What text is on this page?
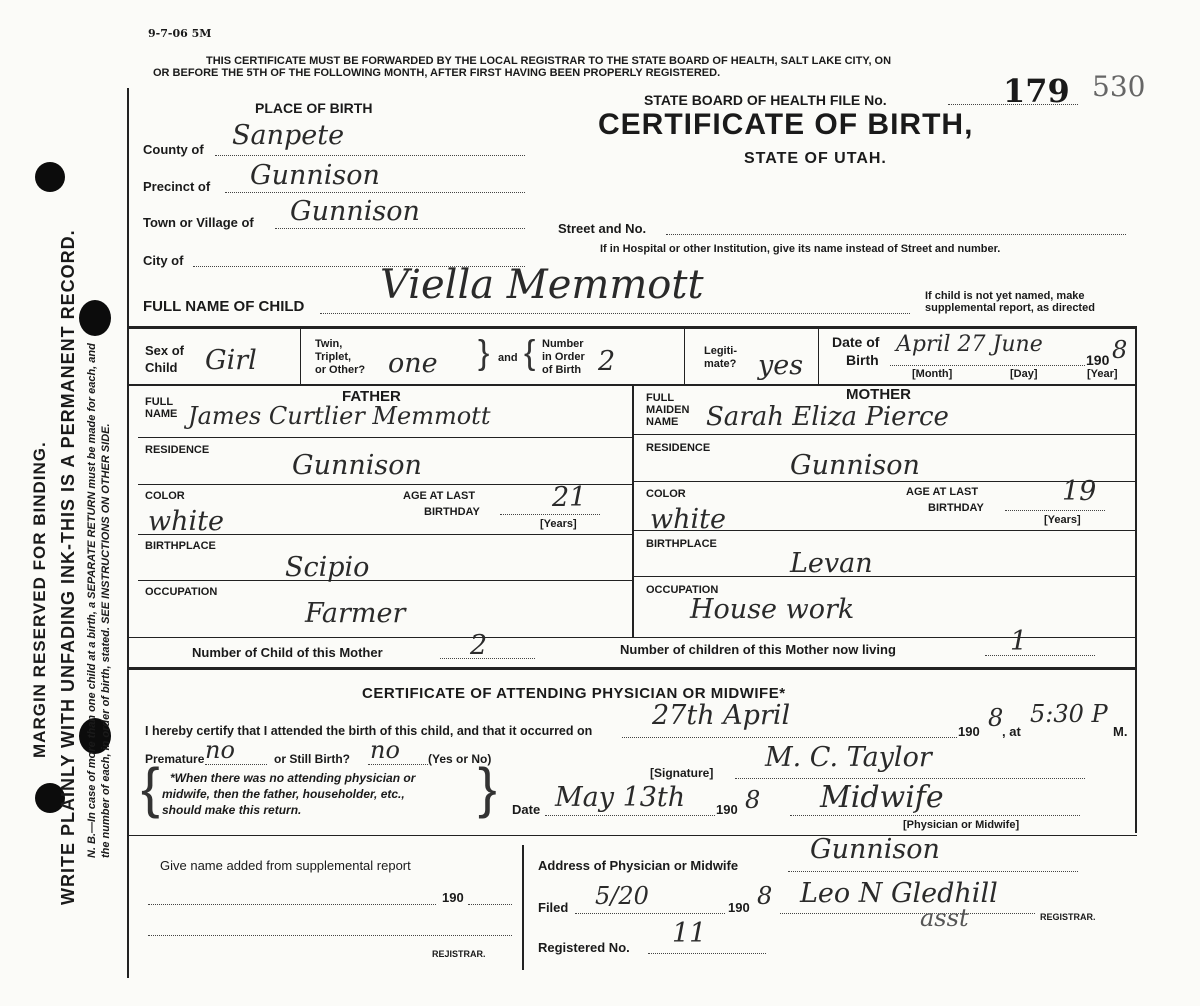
9-7-06 5M
THIS CERTIFICATE MUST BE FORWARDED BY THE LOCAL REGISTRAR TO THE STATE BOARD OF HEALTH, SALT LAKE CITY, ON
OR BEFORE THE 5TH OF THE FOLLOWING MONTH, AFTER FIRST HAVING BEEN PROPERLY REGISTERED.
MARGIN RESERVED FOR BINDING. WRITE PLAINLY WITH UNFADING INK-THIS IS A PERMANENT RECORD. N. B.—In case of more than one child at a birth, a SEPARATE RETURN must be made for each, and the number of each, in order of birth, stated. SEE INSTRUCTIONS ON OTHER SIDE.
PLACE OF BIRTH	STATE BOARD OF HEALTH FILE No.	179 530
CERTIFICATE OF BIRTH,
STATE OF UTAH.
County of Sanpete
Precinct of Gunnison
Town or Village of Gunnison
City of
Street and No.
If in Hospital or other Institution, give its name instead of Street and number.
FULL NAME OF CHILD Viella Memmott	If child is not yet named, make
supplemental report, as directed
Sex of
Child Girl
Twin,
Triplet,
or Other? one } and { Number
in Order
of Birth 2	Legiti-
mate? yes
Date of
Birth
April 27 June
190 8
[Month]	[Day]	[Year]
FATHER
FULL
NAME James Curtlier Memmott
RESIDENCE	Gunnison
COLOR
white
AGE AT LAST
BIRTHDAY	21
[Years]
BIRTHPLACE
Scipio
OCCUPATION
Farmer
MOTHER
FULL
MAIDEN
NAME Sarah Eliza Pierce
RESIDENCE
Gunnison
COLOR
white
AGE AT LAST
BIRTHDAY
19
[Years]
BIRTHPLACE
Levan
OCCUPATION
House work
Number of Child of this Mother	2	Number of children of this Mother now living	1
CERTIFICATE OF ATTENDING PHYSICIAN OR MIDWIFE*
I hereby certify that I attended the birth of this child, and that it occurred on 27th April
190 8
, at
5:30 P
M.
Premature no	or Still Birth? no (Yes or No)
{ *When there was no attending physician or
midwife, then the father, householder, etc.,
should make this return.	}	[Signature] M. C. Taylor
Date May 13th 190 8 Midwife
[Physician or Midwife]
Give name added from supplemental report
190
REJISTRAR.
Address of Physician or Midwife
Gunnison
Filed 5/20	190 8 Leo N Gledhill
asst	REGISTRAR.
Registered No. 11
